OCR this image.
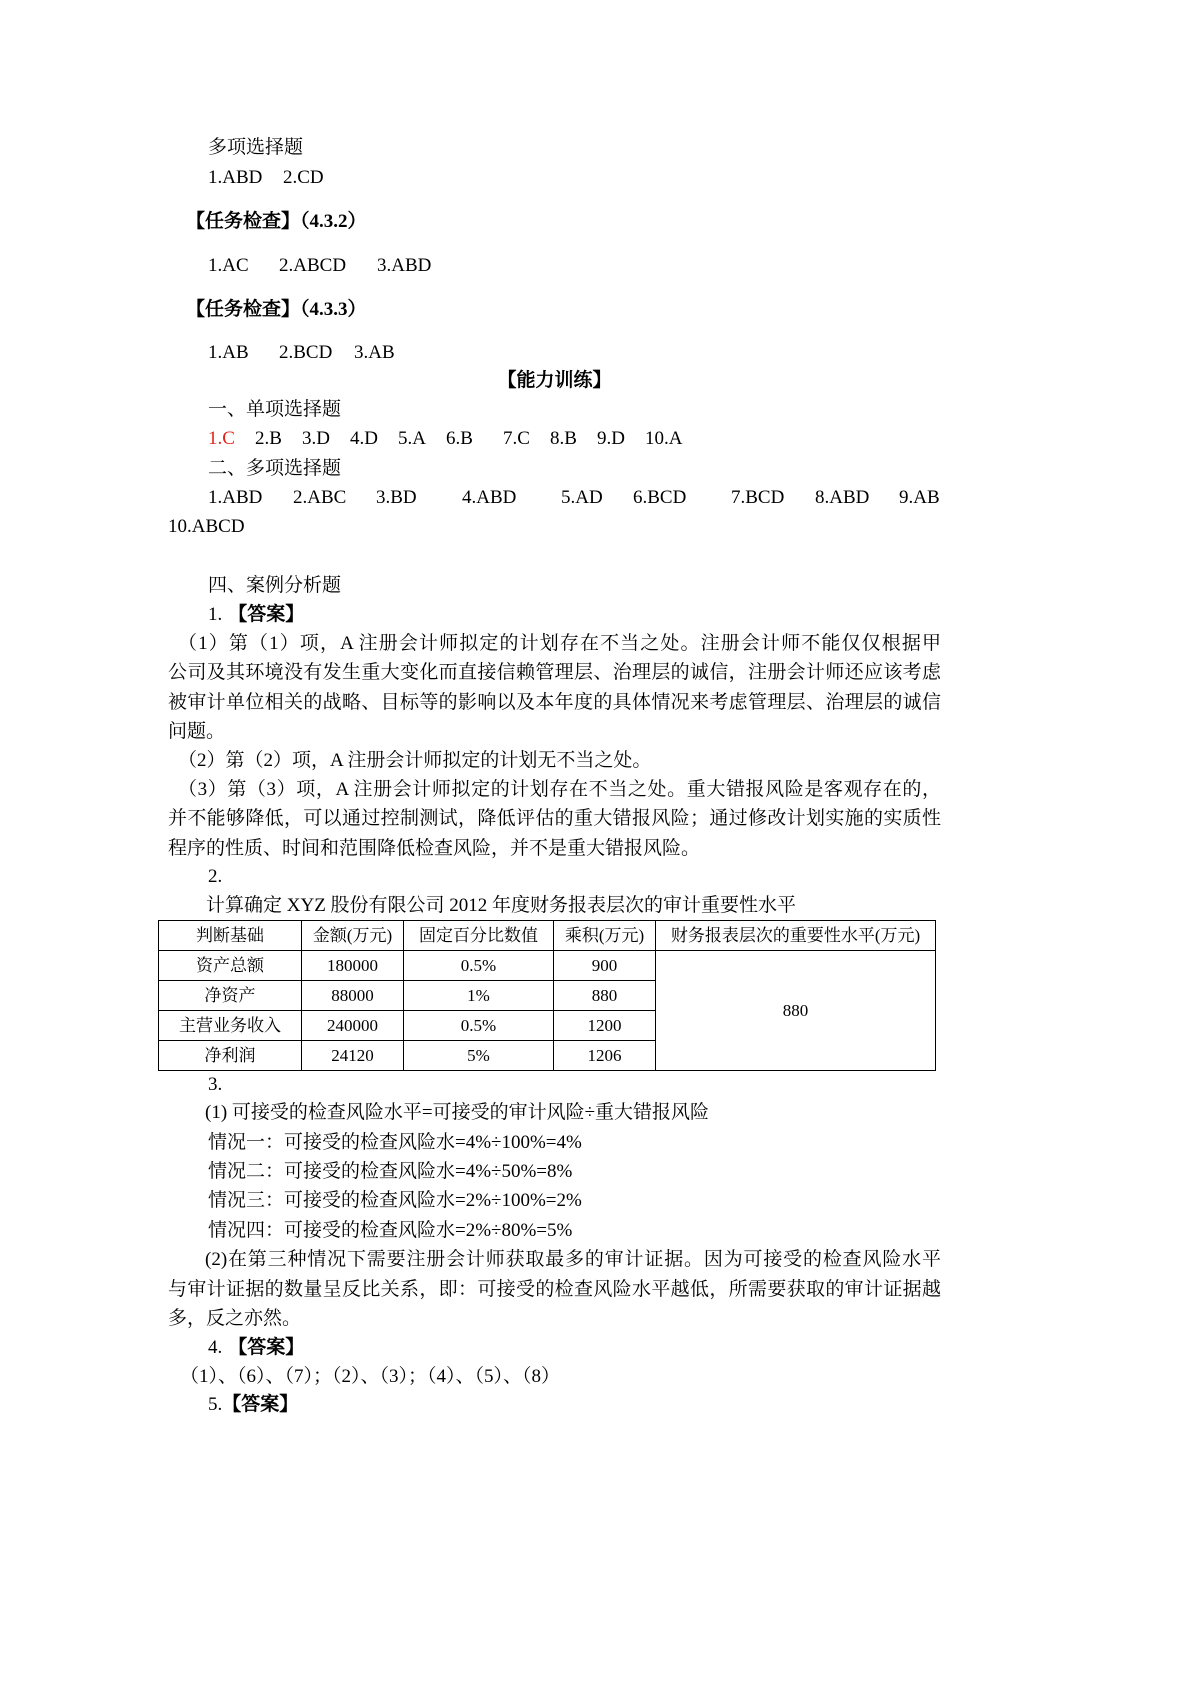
多项选择题
1.ABD 2.CD
【任务检查】（4.3.2）
1.AC 2.ABCD 3.ABD
【任务检查】（4.3.3）
1.AB 2.BCD 3.AB
【能力训练】
一、单项选择题
1.C 2.B 3.D 4.D 5.A 6.B 7.C 8.B 9.D 10.A
二、多项选择题
1.ABD 2.ABC 3.BD 4.ABD 5.AD 6.BCD 7.BCD 8.ABD 9.AB
10.ABCD
四、案例分析题
1. 【答案】
（1）第（1）项，A 注册会计师拟定的计划存在不当之处。注册会计师不能仅仅根据甲
公司及其环境没有发生重大变化而直接信赖管理层、治理层的诚信，注册会计师还应该考虑
被审计单位相关的战略、目标等的影响以及本年度的具体情况来考虑管理层、治理层的诚信
问题。
（2）第（2）项，A 注册会计师拟定的计划无不当之处。
（3）第（3）项，A 注册会计师拟定的计划存在不当之处。重大错报风险是客观存在的，
并不能够降低，可以通过控制测试，降低评估的重大错报风险；通过修改计划实施的实质性
程序的性质、时间和范围降低检查风险，并不是重大错报风险。
2.
计算确定 XYZ 股份有限公司 2012 年度财务报表层次的审计重要性水平
判断基础	金额(万元)	固定百分比数值	乘积(万元)	财务报表层次的重要性水平(万元)
资产总额	180000	0.5%	900	880
净资产	88000	1%	880	
主营业务收入	240000	0.5%	1200	
净利润	24120	5%	1206	
3.
(1) 可接受的检查风险水平=可接受的审计风险÷重大错报风险
情况一：可接受的检查风险水=4%÷100%=4%
情况二：可接受的检查风险水=4%÷50%=8%
情况三：可接受的检查风险水=2%÷100%=2%
情况四：可接受的检查风险水=2%÷80%=5%
(2)在第三种情况下需要注册会计师获取最多的审计证据。因为可接受的检查风险水平
与审计证据的数量呈反比关系，即：可接受的检查风险水平越低，所需要获取的审计证据越
多，反之亦然。
4. 【答案】
（1）、（6）、（7）；（2）、（3）；（4）、（5）、（8）
5.【答案】
